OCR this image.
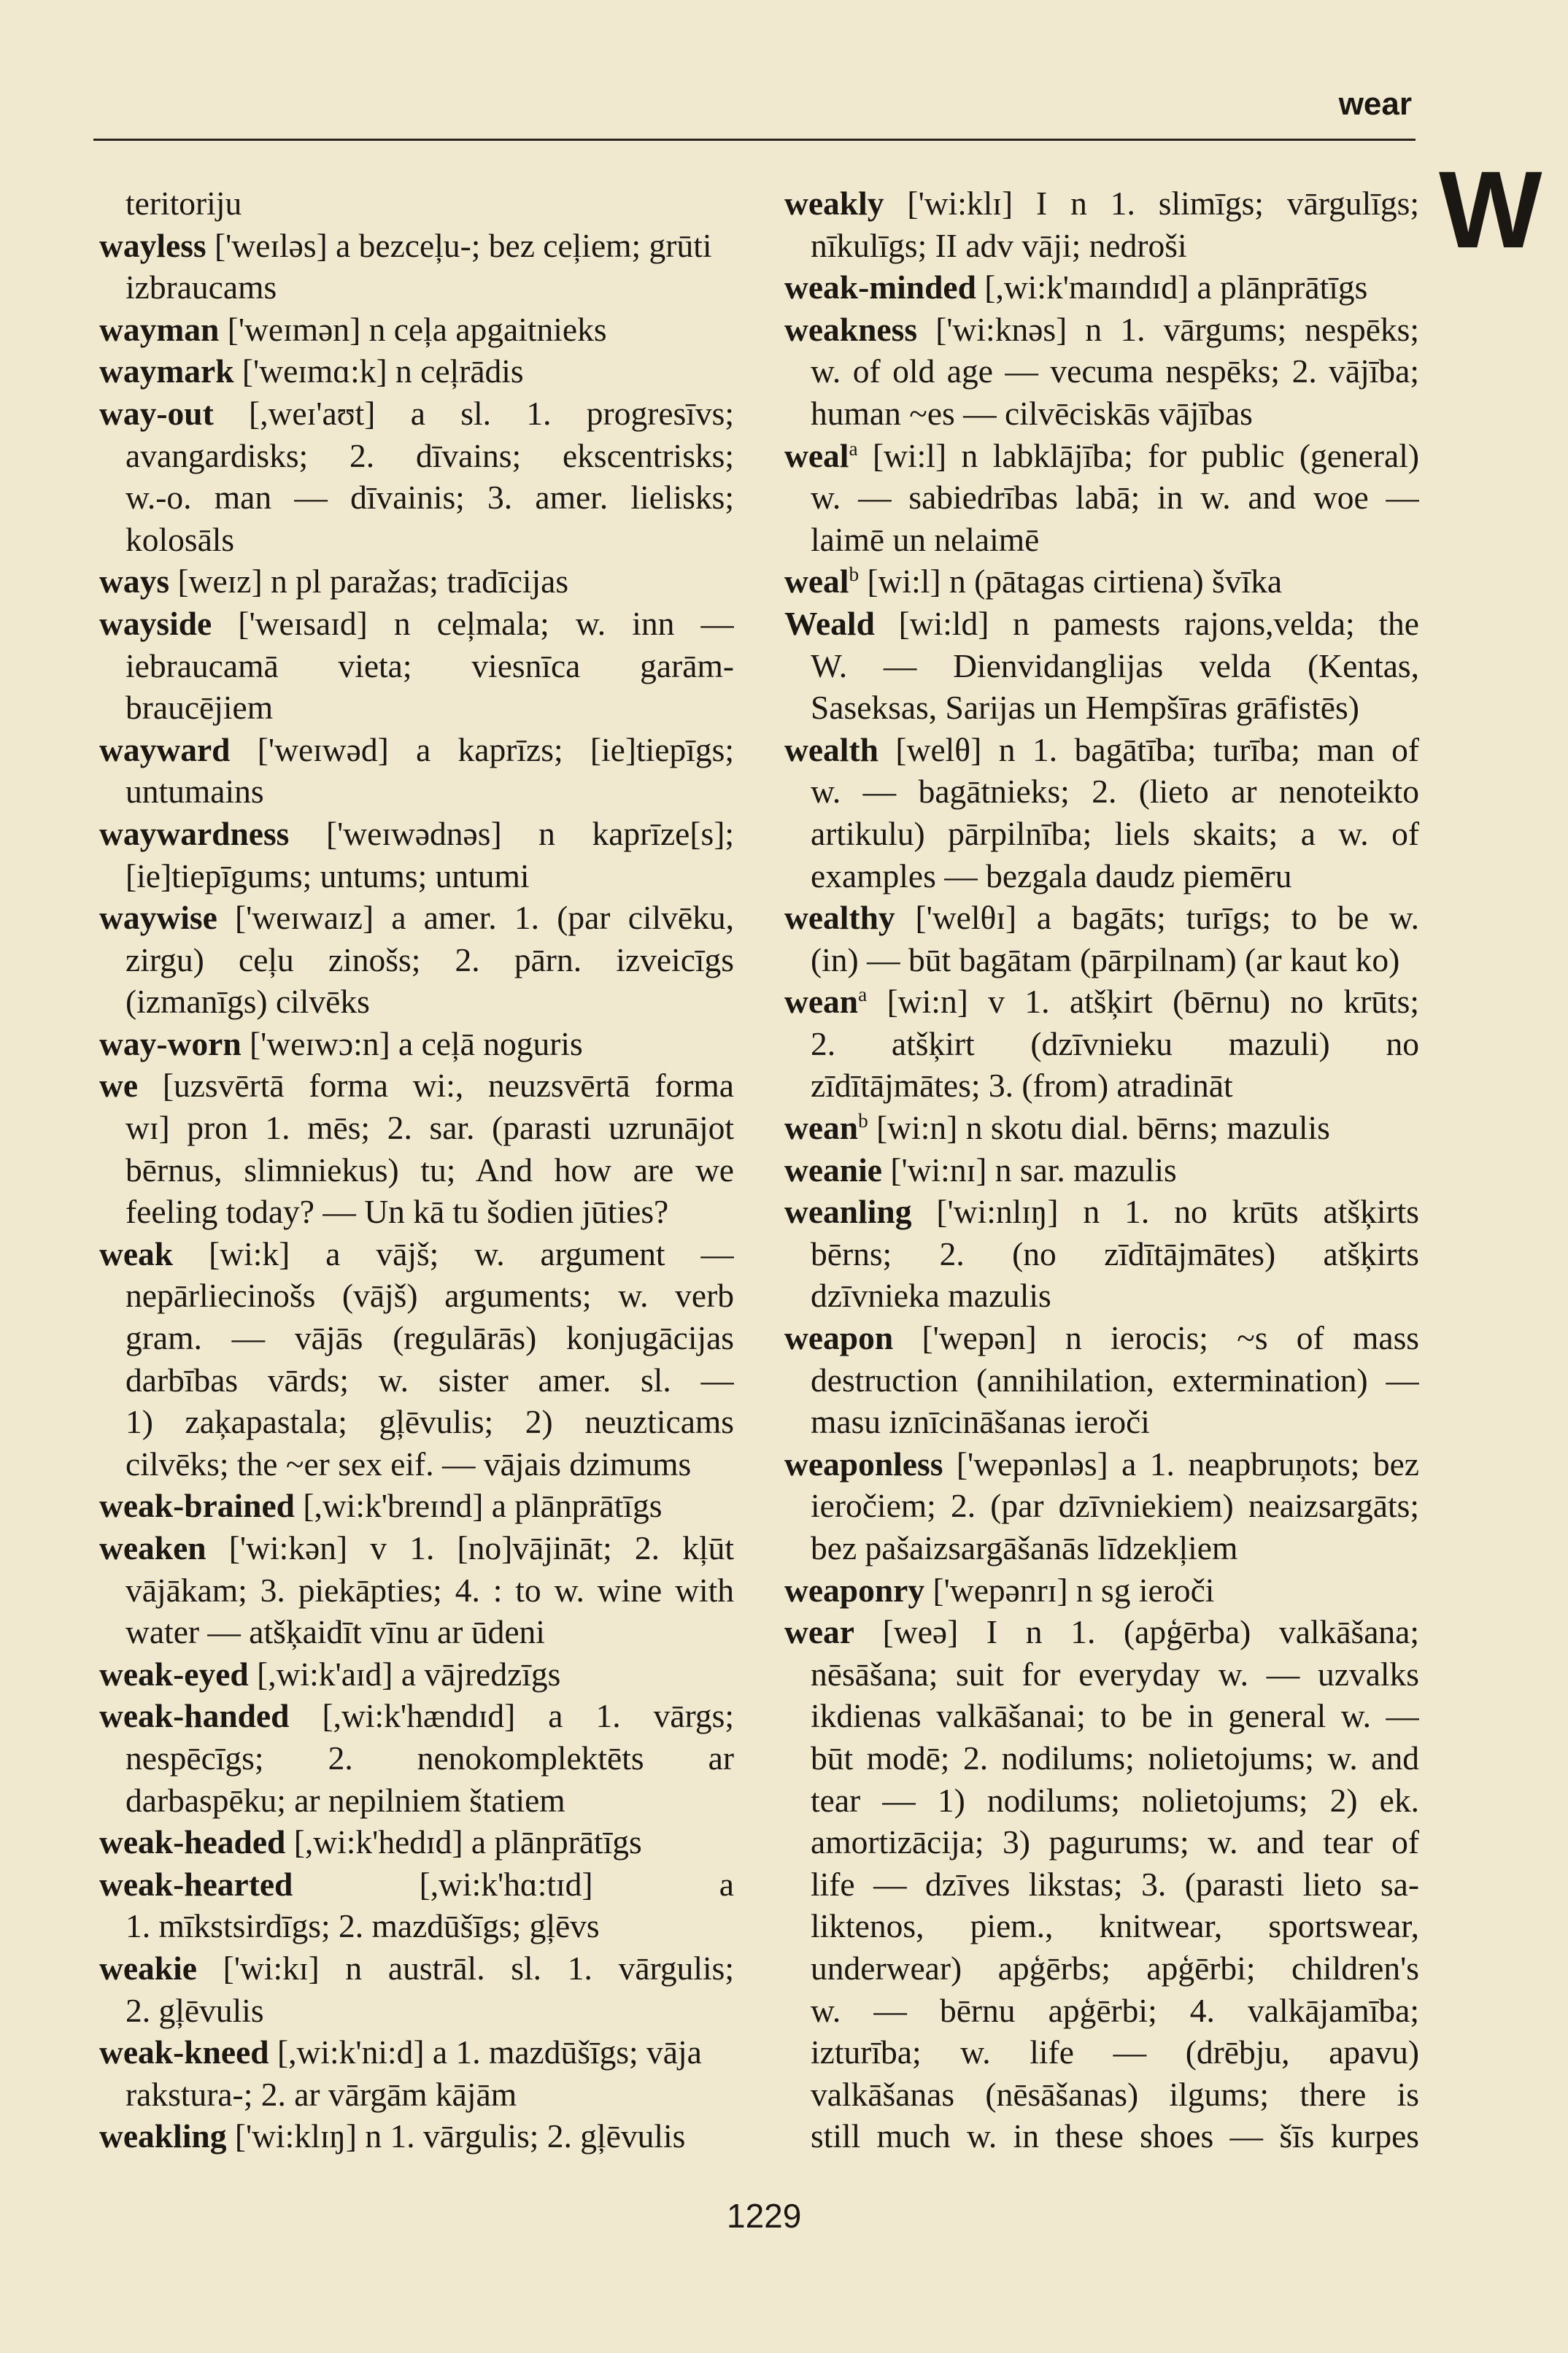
wear
W
teritoriju
wayless ['weɪləs] a bezceļu-; bez ceļiem; grūti
izbraucams
wayman ['weɪmən] n ceļa apgaitnieks
waymark ['weɪmɑ:k] n ceļrādis
way-out [,weɪ'aʊt] a sl. 1. progresīvs;
avangardisks; 2. dīvains; ekscentrisks;
w.-o. man — dīvainis; 3. amer. lielisks;
kolosāls
ways [weɪz] n pl paražas; tradīcijas
wayside ['weɪsaɪd] n ceļmala; w. inn —
iebraucamā vieta; viesnīca garām-
braucējiem
wayward ['weɪwəd] a kaprīzs; [ie]tiepīgs;
untumains
waywardness ['weɪwədnəs] n kaprīze[s];
[ie]tiepīgums; untums; untumi
waywise ['weɪwaɪz] a amer. 1. (par cilvēku,
zirgu) ceļu zinošs; 2. pārn. izveicīgs
(izmanīgs) cilvēks
way-worn ['weɪwɔ:n] a ceļā noguris
we [uzsvērtā forma wi:, neuzsvērtā forma
wɪ] pron 1. mēs; 2. sar. (parasti uzrunājot
bērnus, slimniekus) tu; And how are we
feeling today? — Un kā tu šodien jūties?
weak [wi:k] a vājš; w. argument —
nepārliecinošs (vājš) arguments; w. verb
gram. — vājās (regulārās) konjugācijas
darbības vārds; w. sister amer. sl. —
1) zaķapastala; gļēvulis; 2) neuzticams
cilvēks; the ~er sex eif. — vājais dzimums
weak-brained [,wi:k'breɪnd] a plānprātīgs
weaken ['wi:kən] v 1. [no]vājināt; 2. kļūt
vājākam; 3. piekāpties; 4. : to w. wine with
water — atšķaidīt vīnu ar ūdeni
weak-eyed [,wi:k'aɪd] a vājredzīgs
weak-handed [,wi:k'hændɪd] a 1. vārgs;
nespēcīgs; 2. nenokomplektēts ar
darbaspēku; ar nepilniem štatiem
weak-headed [,wi:k'hedɪd] a plānprātīgs
weak-hearted [,wi:k'hɑ:tɪd] a
1. mīkstsirdīgs; 2. mazdūšīgs; gļēvs
weakie ['wi:kɪ] n austrāl. sl. 1. vārgulis;
2. gļēvulis
weak-kneed [,wi:k'ni:d] a 1. mazdūšīgs; vāja
rakstura-; 2. ar vārgām kājām
weakling ['wi:klɪŋ] n 1. vārgulis; 2. gļēvulis
weakly ['wi:klɪ] I n 1. slimīgs; vārgulīgs;
nīkulīgs; II adv vāji; nedroši
weak-minded [,wi:k'maɪndɪd] a plānprātīgs
weakness ['wi:knəs] n 1. vārgums; nespēks;
w. of old age — vecuma nespēks; 2. vājība;
human ~es — cilvēciskās vājības
weal$^a$ [wi:l] n labklājība; for public (general)
w. — sabiedrības labā; in w. and woe —
laimē un nelaimē
weal$^b$ [wi:l] n (pātagas cirtiena) švīka
Weald [wi:ld] n pamests rajons,velda; the
W. — Dienvidanglijas velda (Kentas,
Saseksas, Sarijas un Hempšīras grāfistēs)
wealth [welθ] n 1. bagātība; turība; man of
w. — bagātnieks; 2. (lieto ar nenoteikto
artikulu) pārpilnība; liels skaits; a w. of
examples — bezgala daudz piemēru
wealthy ['welθɪ] a bagāts; turīgs; to be w.
(in) — būt bagātam (pārpilnam) (ar kaut ko)
wean$^a$ [wi:n] v 1. atšķirt (bērnu) no krūts;
2. atšķirt (dzīvnieku mazuli) no
zīdītājmātes; 3. (from) atradināt
wean$^b$ [wi:n] n skotu dial. bērns; mazulis
weanie ['wi:nɪ] n sar. mazulis
weanling ['wi:nlɪŋ] n 1. no krūts atšķirts
bērns; 2. (no zīdītājmātes) atšķirts
dzīvnieka mazulis
weapon ['wepən] n ierocis; ~s of mass
destruction (annihilation, extermination) —
masu iznīcināšanas ieroči
weaponless ['wepənləs] a 1. neapbruņots; bez
ieročiem; 2. (par dzīvniekiem) neaizsargāts;
bez pašaizsargāšanās līdzekļiem
weaponry ['wepənrɪ] n sg ieroči
wear [weə] I n 1. (apģērba) valkāšana;
nēsāšana; suit for everyday w. — uzvalks
ikdienas valkāšanai; to be in general w. —
būt modē; 2. nodilums; nolietojums; w. and
tear — 1) nodilums; nolietojums; 2) ek.
amortizācija; 3) pagurums; w. and tear of
life — dzīves likstas; 3. (parasti lieto sa-
liktenos, piem., knitwear, sportswear,
underwear) apģērbs; apģērbi; children's
w. — bērnu apģērbi; 4. valkājamība;
izturība; w. life — (drēbju, apavu)
valkāšanas (nēsāšanas) ilgums; there is
still much w. in these shoes — šīs kurpes
1229
